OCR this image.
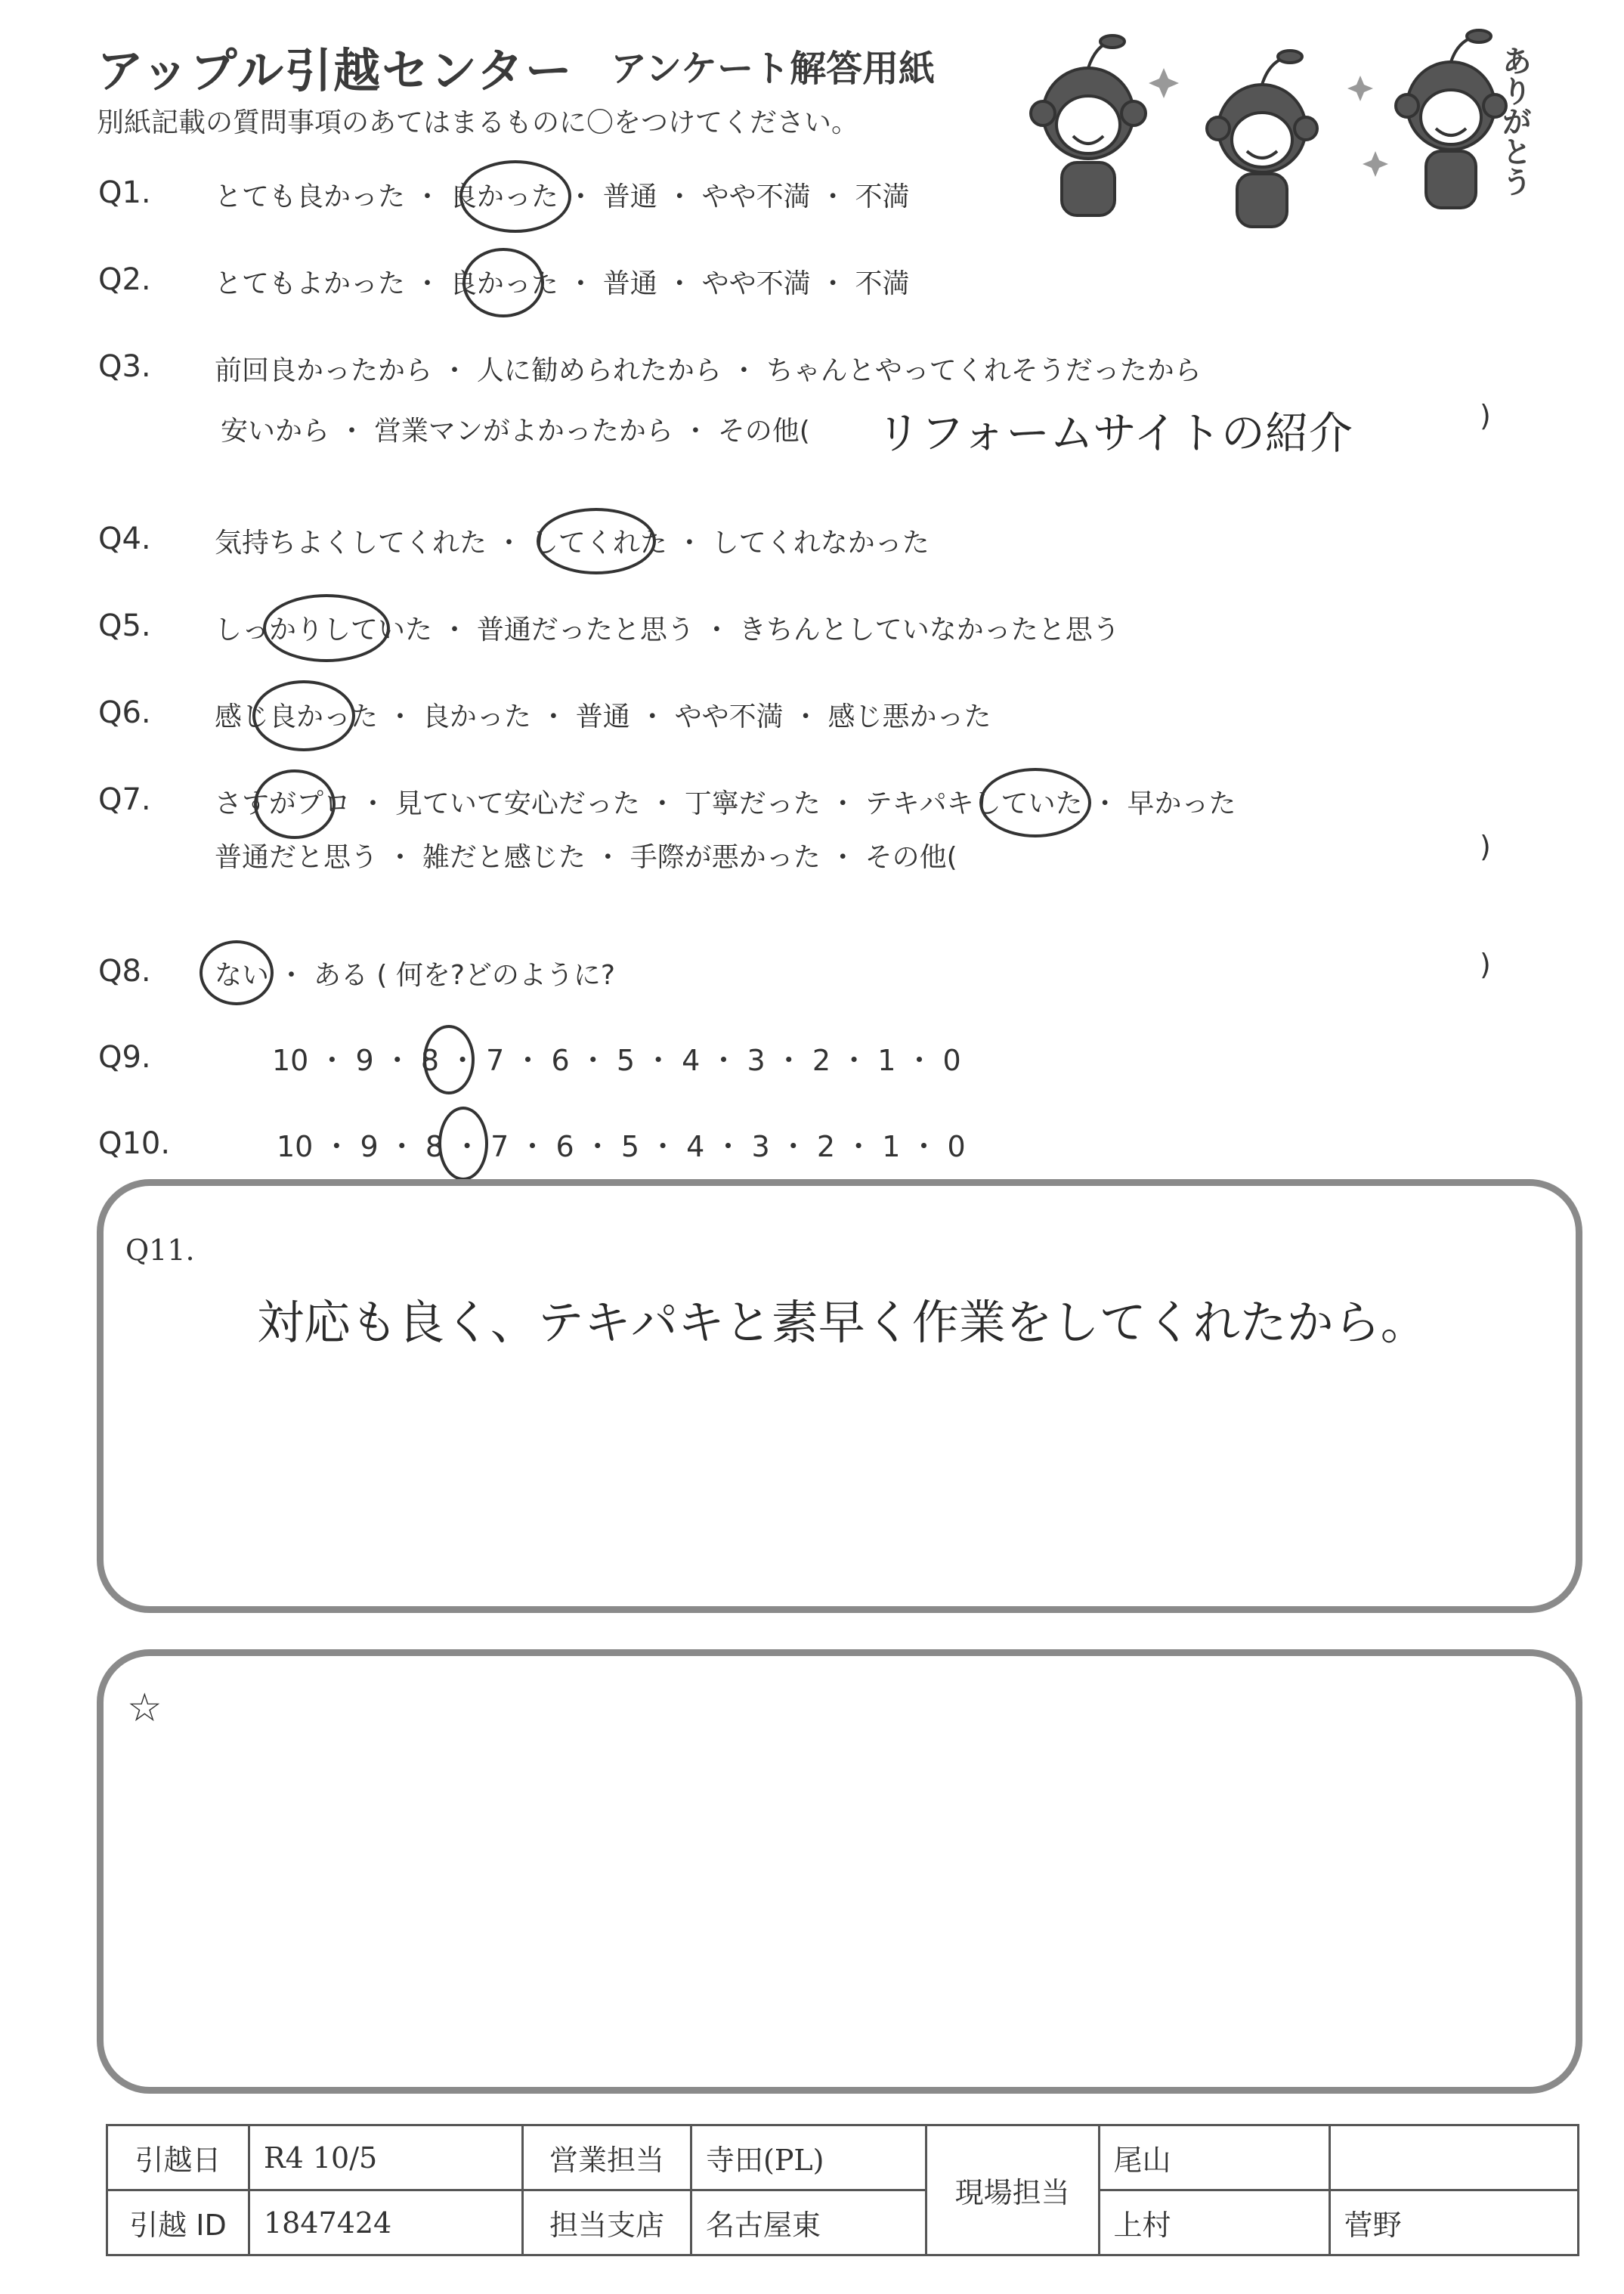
アップル引越センター アンケート解答用紙
別紙記載の質問事項のあてはまるものに〇をつけてください。	ありがとう
Q1. とても良かった ・ 良かった ・ 普通 ・ やや不満 ・ 不満
Q2. とてもよかった ・ 良かった ・ 普通 ・ やや不満 ・ 不満
Q3. 前回良かったから ・ 人に勧められたから ・ ちゃんとやってくれそうだったから
安いから ・ 営業マンがよかったから ・ その他( リフォームサイトの紹介	)
Q4. 気持ちよくしてくれた ・ してくれた ・ してくれなかった
Q5. しっかりしていた ・ 普通だったと思う ・ きちんとしていなかったと思う
Q6. 感じ良かった ・ 良かった ・ 普通 ・ やや不満 ・ 感じ悪かった
Q7. さすがプロ ・ 見ていて安心だった ・ 丁寧だった ・ テキパキしていた ・ 早かった
普通だと思う ・ 雑だと感じた ・ 手際が悪かった ・ その他(	)
Q8. ない ・ ある ( 何を?どのように?	)
Q9.	10 ・ 9 ・ 8 ・ 7 ・ 6 ・ 5 ・ 4 ・ 3 ・ 2 ・ 1 ・ 0
Q10.	10 ・ 9 ・ 8 ・ 7 ・ 6 ・ 5 ・ 4 ・ 3 ・ 2 ・ 1 ・ 0
Q11.
対応も良く、テキパキと素早く作業をしてくれたから。
☆
引越日	R4 10/5	営業担当	寺田(PL)	現場担当	尾山	
引越 ID	1847424	担当支店	名古屋東		上村	菅野
